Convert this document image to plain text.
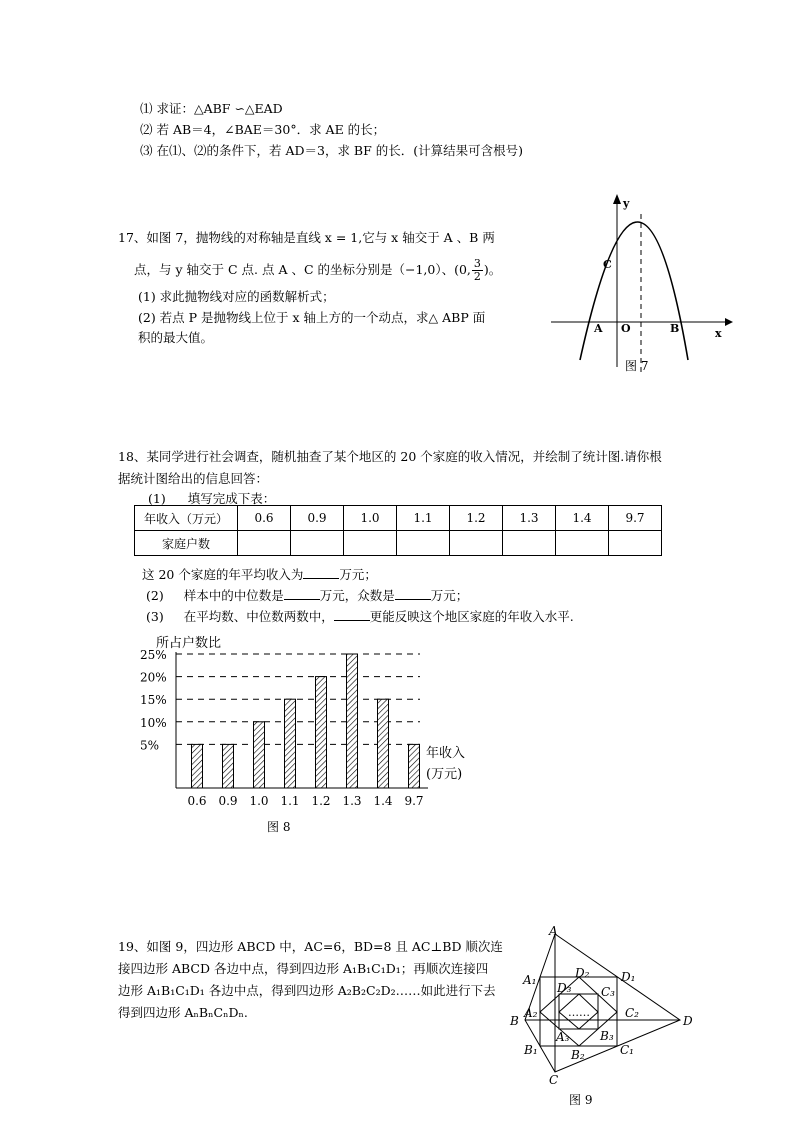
⑴ 求证：△ABF ∽△EAD
⑵ 若 AB＝4，∠BAE＝30°．求 AE 的长；
⑶ 在⑴、⑵的条件下，若 AD＝3，求 BF 的长．(计算结果可含根号)
17、如图 7，抛物线的对称轴是直线 x = 1,它与 x 轴交于 A 、B 两
点，与 y 轴交于 C 点. 点 A 、C 的坐标分别是（−1,0）、(0, $\frac{3}{2}$ )。
(1) 求此抛物线对应的函数解析式；
(2) 若点 P 是抛物线上位于 x 轴上方的一个动点，求△ ABP 面
积的最大值。
y
x
C
A O	B
图 7
18、某同学进行社会调查，随机抽查了某个地区的 20 个家庭的收入情况，并绘制了统计图.请你根
据统计图给出的信息回答：
(1) 填写完成下表：
年收入（万元）	0.6	0.9	1.0	1.1	1.2	1.3	1.4	9.7
家庭户数								
这 20 个家庭的年平均收入为	万元；
(2) 样本中的中位数是	万元，众数是	万元；
(3) 在平均数、中位数两数中，	更能反映这个地区家庭的年收入水平.
所占户数比
5%
10%
15%
20%
25%
0.6 0.9 1.0 1.1 1.2 1.3 1.4 9.7
年收入
(万元)
图 8
19、如图 9，四边形 ABCD 中，AC=6，BD=8 且 AC⊥BD 顺次连
接四边形 ABCD 各边中点，得到四边形 A₁B₁C₁D₁；再顺次连接四
边形 A₁B₁C₁D₁ 各边中点，得到四边形 A₂B₂C₂D₂……如此进行下去
得到四边形 AₙBₙCₙDₙ.
A
B
C
D
A₁
B₁	C₁
D₁
A₂
B₂
C₂
D₂
A₃	B₃
C₃
D₃
……
图 9
